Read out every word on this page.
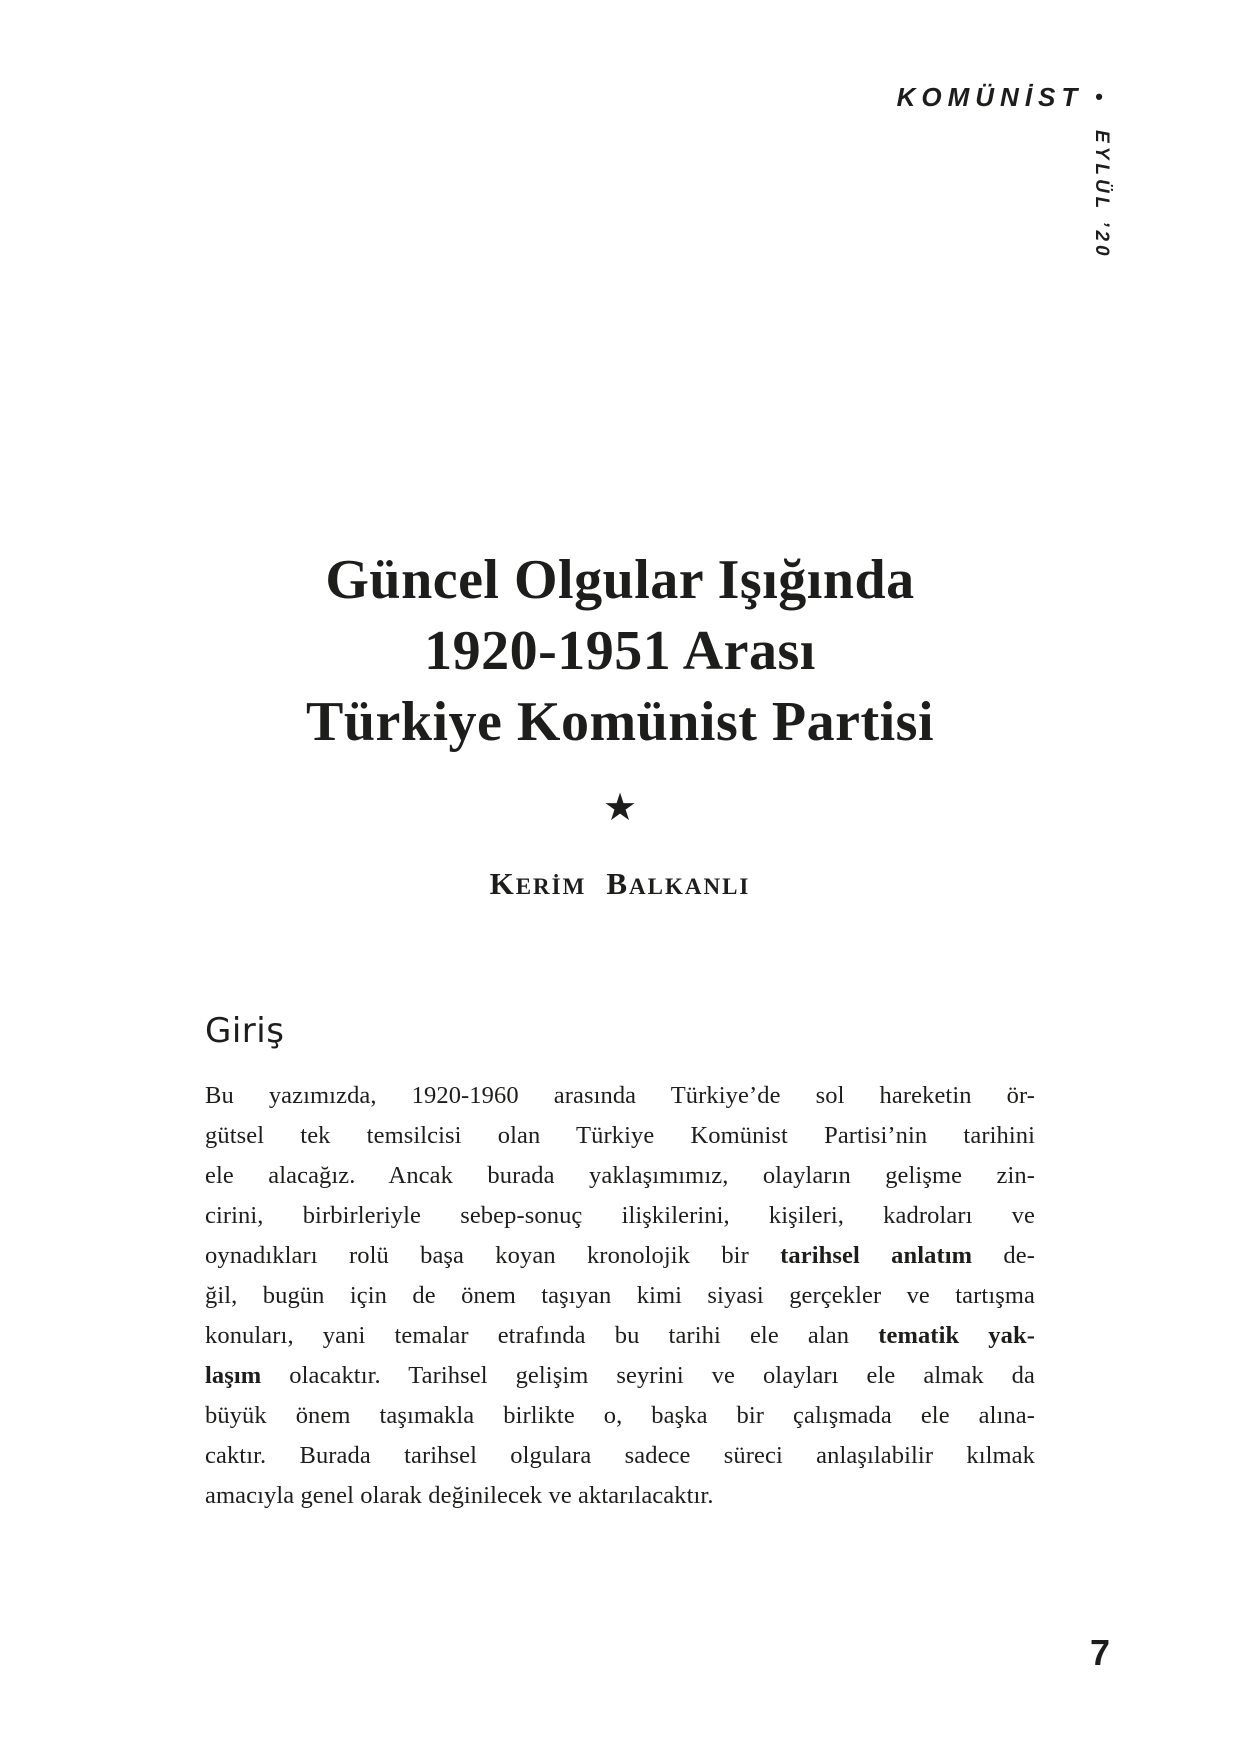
KOMÜNİST •
EYLÜL ’20
Güncel Olgular Işığında
1920-1951 Arası
Türkiye Komünist Partisi
★
KERİM BALKANLI
Giriş
Bu yazımızda, 1920-1960 arasında Türkiye’de sol hareketin ör-
gütsel tek temsilcisi olan Türkiye Komünist Partisi’nin tarihini
ele alacağız. Ancak burada yaklaşımımız, olayların gelişme zin-
cirini, birbirleriyle sebep-sonuç ilişkilerini, kişileri, kadroları ve
oynadıkları rolü başa koyan kronolojik bir tarihsel anlatım de-
ğil, bugün için de önem taşıyan kimi siyasi gerçekler ve tartışma
konuları, yani temalar etrafında bu tarihi ele alan tematik yak-
laşım olacaktır. Tarihsel gelişim seyrini ve olayları ele almak da
büyük önem taşımakla birlikte o, başka bir çalışmada ele alına-
caktır. Burada tarihsel olgulara sadece süreci anlaşılabilir kılmak
amacıyla genel olarak değinilecek ve aktarılacaktır.
7
